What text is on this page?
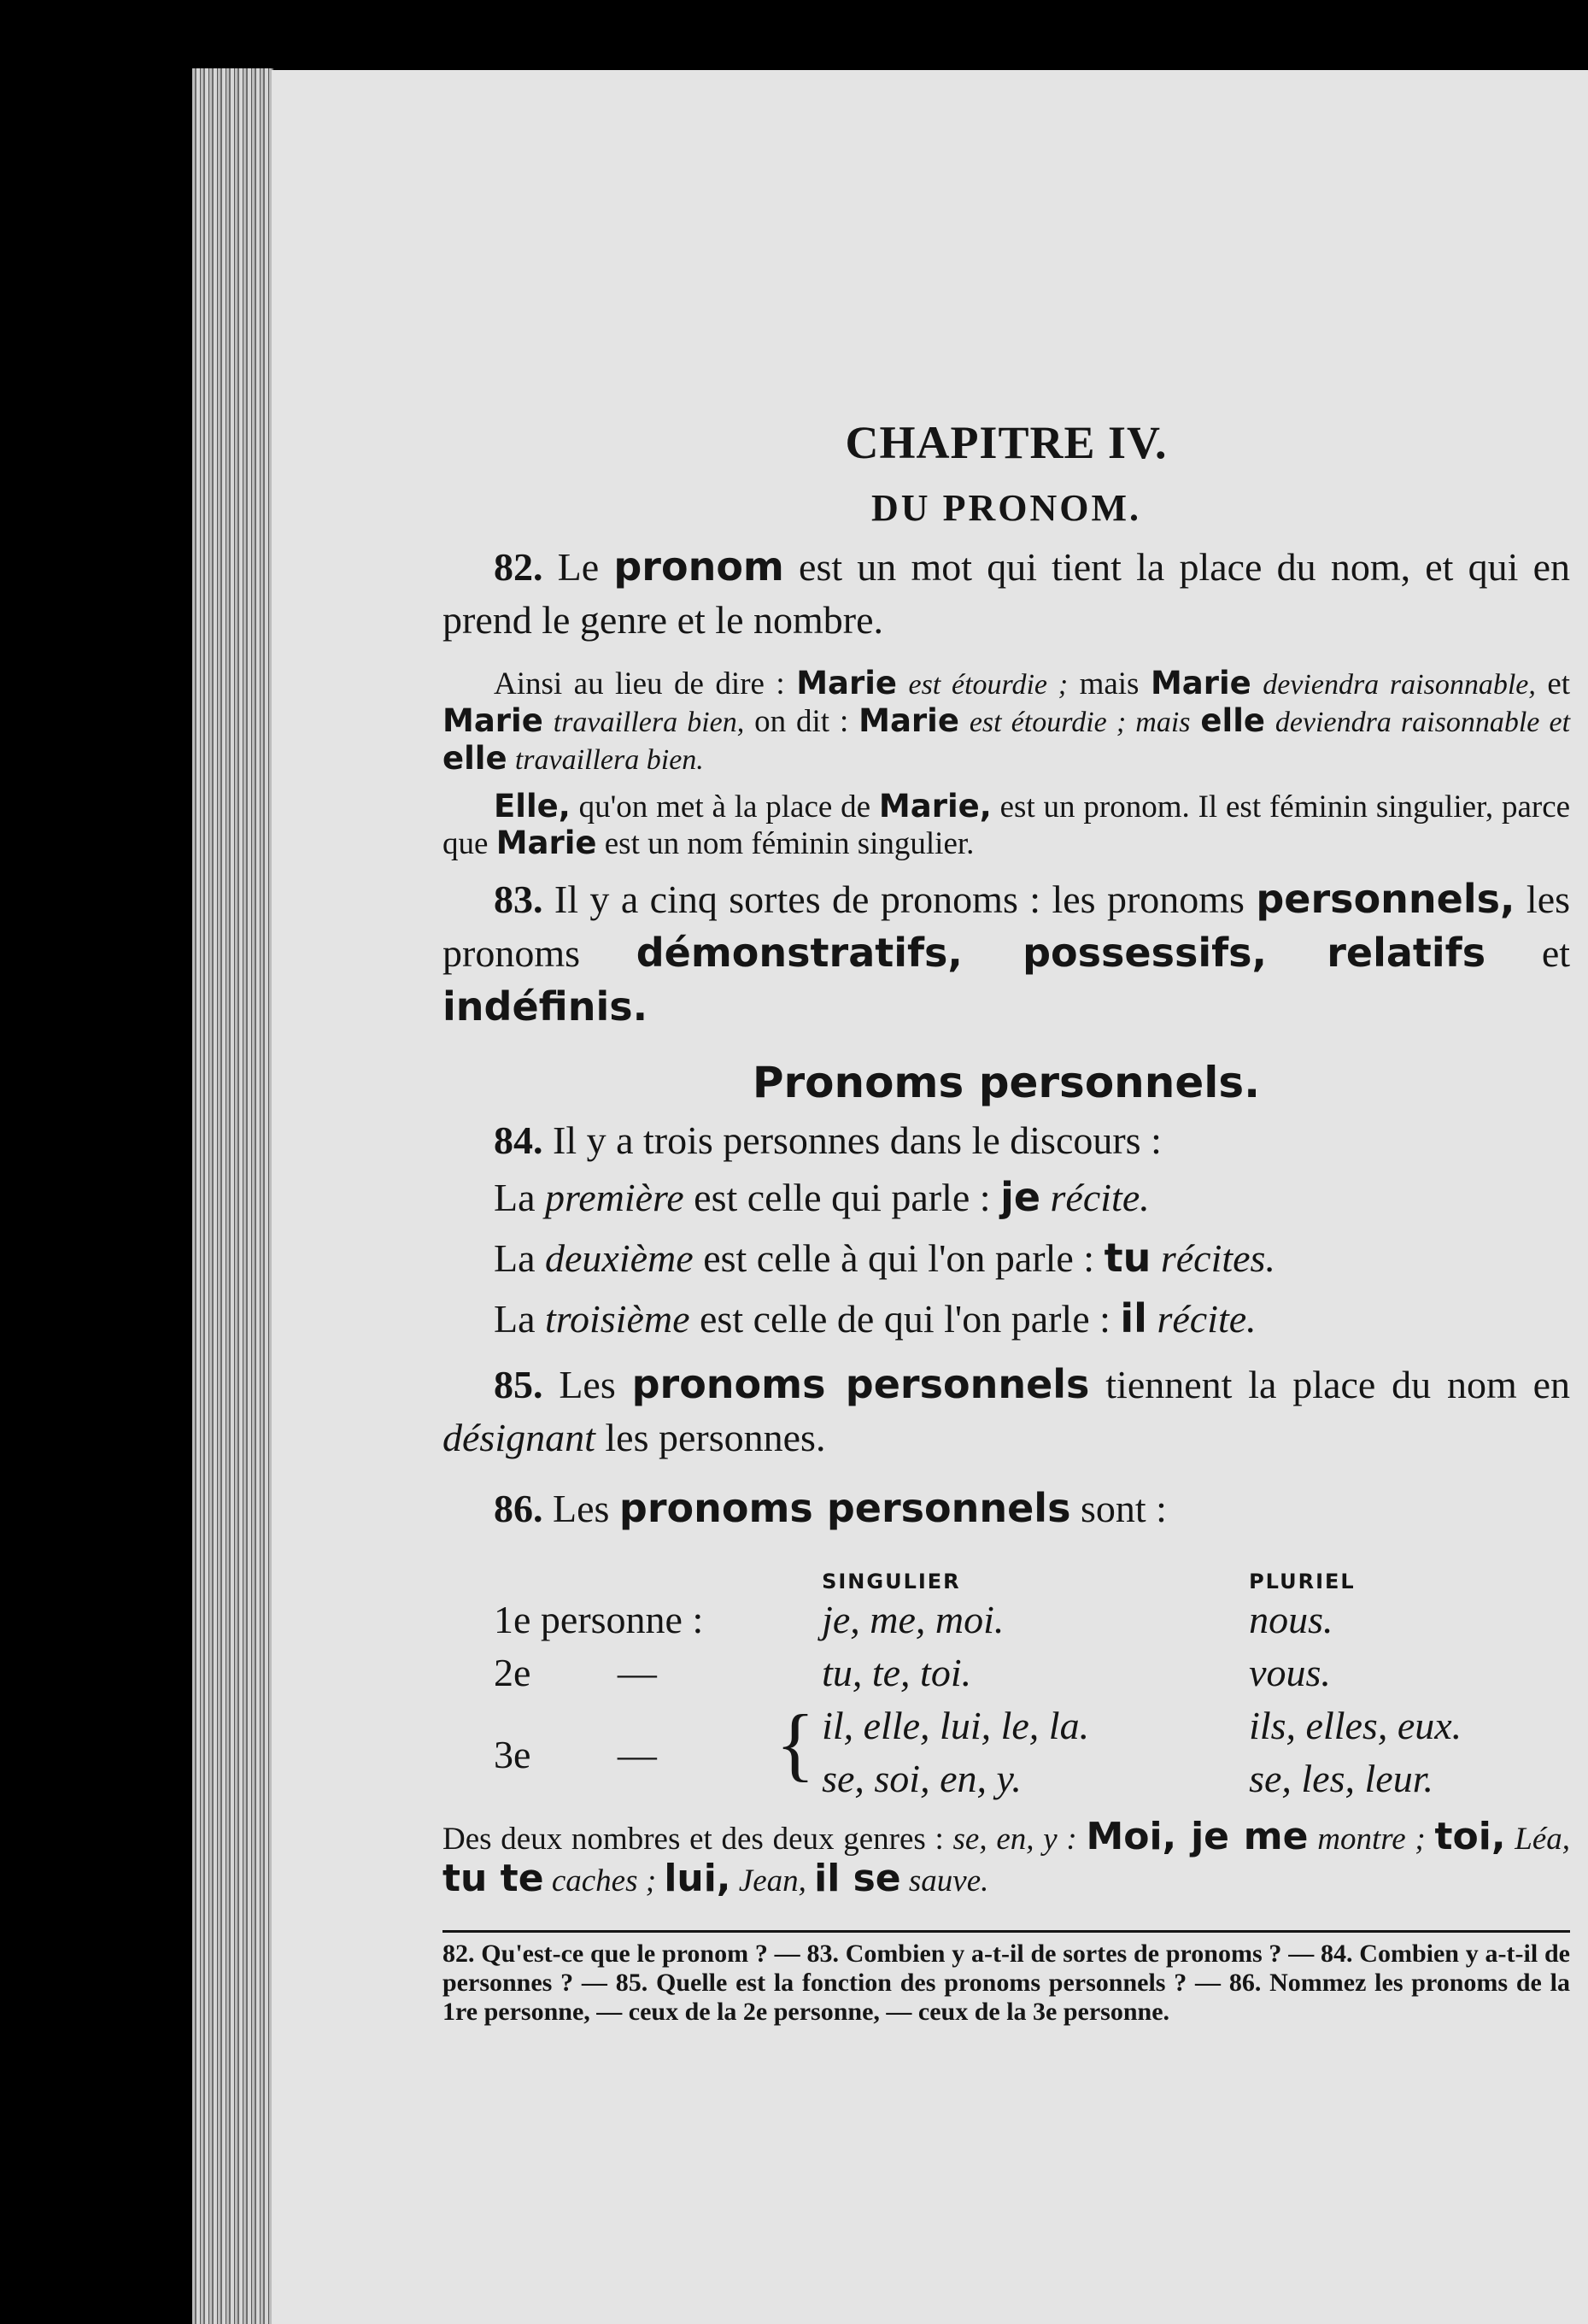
CHAPITRE IV.
DU PRONOM.

82. Le pronom est un mot qui tient la place du nom, et qui en prend le genre et le nombre.

Ainsi au lieu de dire : Marie est étourdie ; mais Marie deviendra raisonnable, et Marie travaillera bien, on dit : Marie est étourdie ; mais elle deviendra raisonnable et elle travaillera bien.

Elle, qu'on met à la place de Marie, est un pronom. Il est féminin singulier, parce que Marie est un nom féminin singulier.

83. Il y a cinq sortes de pronoms : les pronoms personnels, les pronoms démonstratifs, possessifs, relatifs et indéfinis.

Pronoms personnels.

84. Il y a trois personnes dans le discours :

La première est celle qui parle : je récite.

La deuxième est celle à qui l'on parle : tu récites.

La troisième est celle de qui l'on parle : il récite.

85. Les pronoms personnels tiennent la place du nom en désignant les personnes.

86. Les pronoms personnels sont :

		SINGULIER	PLURIEL
1e personne :		je, me, moi.	nous.
2e —		tu, te, toi.	vous.
3e —	{	il, elle, lui, le, la.	ils, elles, eux.
		se, soi, en, y.	se, les, leur.

Des deux nombres et des deux genres : se, en, y : Moi, je me montre ; toi, Léa, tu te caches ; lui, Jean, il se sauve.

82. Qu'est-ce que le pronom ? — 83. Combien y a-t-il de sortes de pronoms ? — 84. Combien y a-t-il de personnes ? — 85. Quelle est la fonction des pronoms personnels ? — 86. Nommez les pronoms de la 1re personne, — ceux de la 2e personne, — ceux de la 3e personne.
